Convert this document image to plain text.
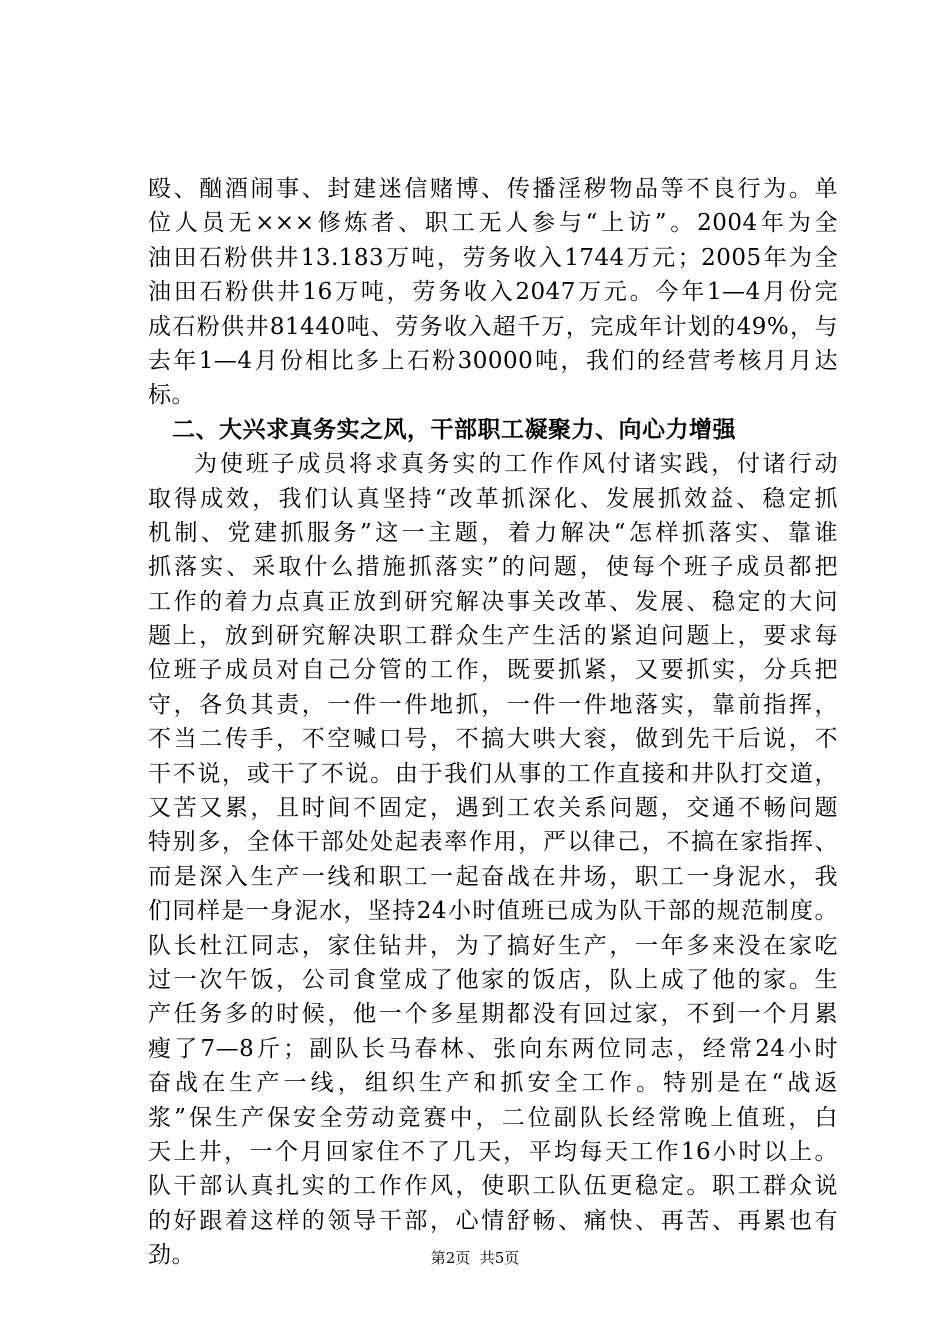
殴、酗酒闹事、封建迷信赌博、传播淫秽物品等不良行为。单
位人员无×××修炼者、职工无人参与“上访”。2004年为全
油田石粉供井13.183万吨，劳务收入1744万元；2005年为全
油田石粉供井16万吨，劳务收入2047万元。今年1—4月份完
成石粉供井81440吨、劳务收入超千万，完成年计划的49%，与
去年1—4月份相比多上石粉30000吨，我们的经营考核月月达
标。
二、大兴求真务实之风，干部职工凝聚力、向心力增强
为使班子成员将求真务实的工作作风付诸实践，付诸行动
取得成效，我们认真坚持“改革抓深化、发展抓效益、稳定抓
机制、党建抓服务”这一主题，着力解决“怎样抓落实、靠谁
抓落实、采取什么措施抓落实”的问题，使每个班子成员都把
工作的着力点真正放到研究解决事关改革、发展、稳定的大问
题上，放到研究解决职工群众生产生活的紧迫问题上，要求每
位班子成员对自己分管的工作，既要抓紧，又要抓实，分兵把
守，各负其责，一件一件地抓，一件一件地落实，靠前指挥，
不当二传手，不空喊口号，不搞大哄大衮，做到先干后说，不
干不说，或干了不说。由于我们从事的工作直接和井队打交道，
又苦又累，且时间不固定，遇到工农关系问题，交通不畅问题
特别多，全体干部处处起表率作用，严以律己，不搞在家指挥、
而是深入生产一线和职工一起奋战在井场，职工一身泥水，我
们同样是一身泥水，坚持24小时值班已成为队干部的规范制度。
队长杜江同志，家住钻井，为了搞好生产，一年多来没在家吃
过一次午饭，公司食堂成了他家的饭店，队上成了他的家。生
产任务多的时候，他一个多星期都没有回过家，不到一个月累
瘦了7—8斤；副队长马春林、张向东两位同志，经常24小时
奋战在生产一线，组织生产和抓安全工作。特别是在“战返
浆”保生产保安全劳动竞赛中，二位副队长经常晚上值班，白
天上井，一个月回家住不了几天，平均每天工作16小时以上。
队干部认真扎实的工作作风，使职工队伍更稳定。职工群众说
的好跟着这样的领导干部，心情舒畅、痛快、再苦、再累也有
劲。	第2页  共5页
